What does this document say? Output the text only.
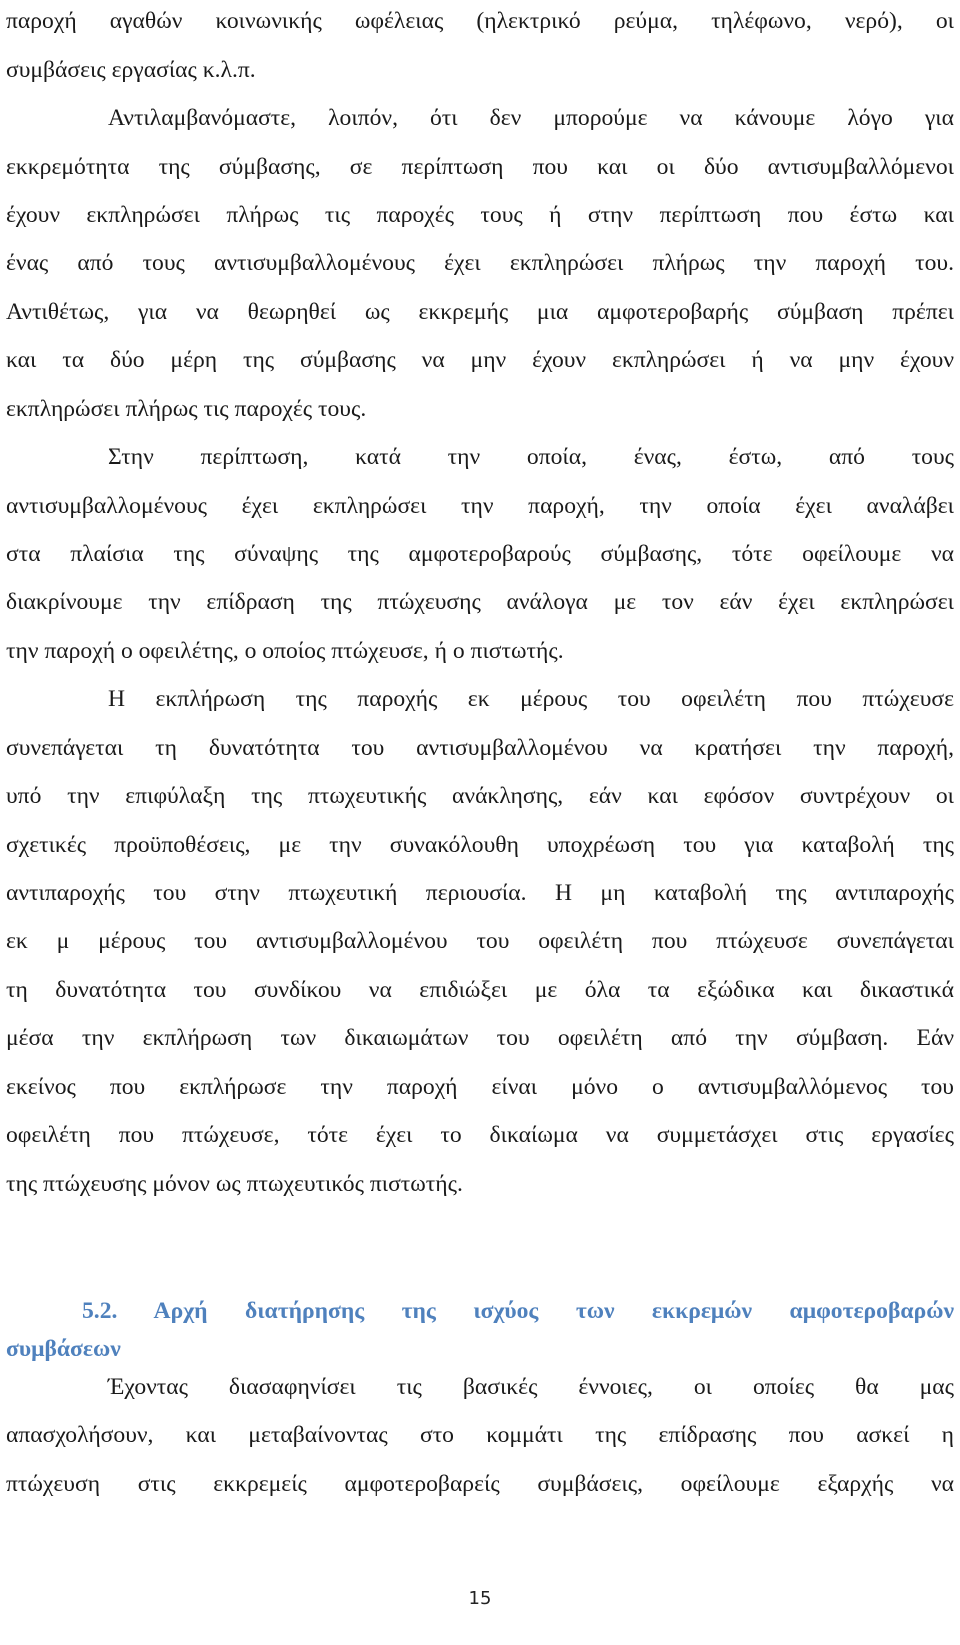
παροχή αγαθών κοινωνικής ωφέλειας (ηλεκτρικό ρεύμα, τηλέφωνο, νερό), οι
συμβάσεις εργασίας κ.λ.π.
Αντιλαμβανόμαστε, λοιπόν, ότι δεν μπορούμε να κάνουμε λόγο για
εκκρεμότητα της σύμβασης, σε περίπτωση που και οι δύο αντισυμβαλλόμενοι
έχουν εκπληρώσει πλήρως τις παροχές τους ή στην περίπτωση που έστω και
ένας από τους αντισυμβαλλομένους έχει εκπληρώσει πλήρως την παροχή του.
Αντιθέτως, για να θεωρηθεί ως εκκρεμής μια αμφοτεροβαρής σύμβαση πρέπει
και τα δύο μέρη της σύμβασης να μην έχουν εκπληρώσει ή να μην έχουν
εκπληρώσει πλήρως τις παροχές τους.
Στην περίπτωση, κατά την οποία, ένας, έστω, από τους
αντισυμβαλλομένους έχει εκπληρώσει την παροχή, την οποία έχει αναλάβει
στα πλαίσια της σύναψης της αμφοτεροβαρούς σύμβασης, τότε οφείλουμε να
διακρίνουμε την επίδραση της πτώχευσης ανάλογα με τον εάν έχει εκπληρώσει
την παροχή ο οφειλέτης, ο οποίος πτώχευσε, ή ο πιστωτής.
Η εκπλήρωση της παροχής εκ μέρους του οφειλέτη που πτώχευσε
συνεπάγεται τη δυνατότητα του αντισυμβαλλομένου να κρατήσει την παροχή,
υπό την επιφύλαξη της πτωχευτικής ανάκλησης, εάν και εφόσον συντρέχουν οι
σχετικές προϋποθέσεις, με την συνακόλουθη υποχρέωση του για καταβολή της
αντιπαροχής του στην πτωχευτική περιουσία. Η μη καταβολή της αντιπαροχής
εκ μ μέρους του αντισυμβαλλομένου του οφειλέτη που πτώχευσε συνεπάγεται
τη δυνατότητα του συνδίκου να επιδιώξει με όλα τα εξώδικα και δικαστικά
μέσα την εκπλήρωση των δικαιωμάτων του οφειλέτη από την σύμβαση. Εάν
εκείνος που εκπλήρωσε την παροχή είναι μόνο ο αντισυμβαλλόμενος του
οφειλέτη που πτώχευσε, τότε έχει το δικαίωμα να συμμετάσχει στις εργασίες
της πτώχευσης μόνον ως πτωχευτικός πιστωτής.
5.2. Αρχή διατήρησης της ισχύος των εκκρεμών αμφοτεροβαρών
συμβάσεων
Έχοντας διασαφηνίσει τις βασικές έννοιες, οι οποίες θα μας
απασχολήσουν, και μεταβαίνοντας στο κομμάτι της επίδρασης που ασκεί η
πτώχευση στις εκκρεμείς αμφοτεροβαρείς συμβάσεις, οφείλουμε εξαρχής να
15
